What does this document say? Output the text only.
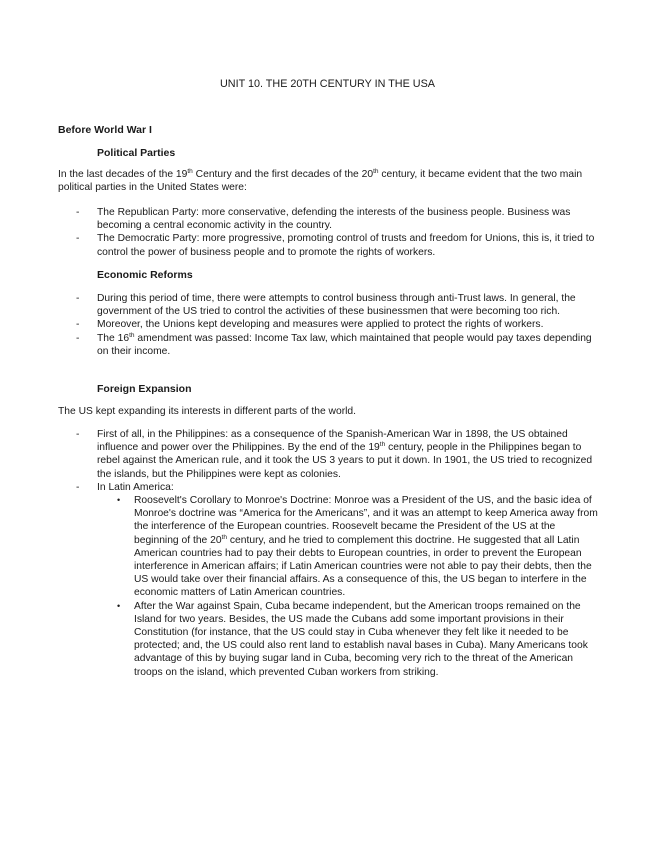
UNIT 10. THE 20TH CENTURY IN THE USA
Before World War I
Political Parties
In the last decades of the 19th Century and the first decades of the 20th century, it became evident that the two main political parties in the United States were:
- The Republican Party: more conservative, defending the interests of the business people. Business was becoming a central economic activity in the country.
- The Democratic Party: more progressive, promoting control of trusts and freedom for Unions, this is, it tried to control the power of business people and to promote the rights of workers.
Economic Reforms
- During this period of time, there were attempts to control business through anti-Trust laws. In general, the government of the US tried to control the activities of these businessmen that were becoming too rich.
- Moreover, the Unions kept developing and measures were applied to protect the rights of workers.
- The 16th amendment was passed: Income Tax law, which maintained that people would pay taxes depending on their income.
Foreign Expansion
The US kept expanding its interests in different parts of the world.
- First of all, in the Philippines: as a consequence of the Spanish-American War in 1898, the US obtained influence and power over the Philippines. By the end of the 19th century, people in the Philippines began to rebel against the American rule, and it took the US 3 years to put it down. In 1901, the US tried to recognized the islands, but the Philippines were kept as colonies.
- In Latin America:
• Roosevelt's Corollary to Monroe's Doctrine: Monroe was a President of the US, and the basic idea of Monroe's doctrine was “America for the Americans”, and it was an attempt to keep America away from the interference of the European countries. Roosevelt became the President of the US at the beginning of the 20th century, and he tried to complement this doctrine. He suggested that all Latin American countries had to pay their debts to European countries, in order to prevent the European interference in American affairs; if Latin American countries were not able to pay their debts, then the US would take over their financial affairs. As a consequence of this, the US began to interfere in the economic matters of Latin American countries.
• After the War against Spain, Cuba became independent, but the American troops remained on the Island for two years. Besides, the US made the Cubans add some important provisions in their Constitution (for instance, that the US could stay in Cuba whenever they felt like it needed to be protected; and, the US could also rent land to establish naval bases in Cuba). Many Americans took advantage of this by buying sugar land in Cuba, becoming very rich to the threat of the American troops on the island, which prevented Cuban workers from striking.
